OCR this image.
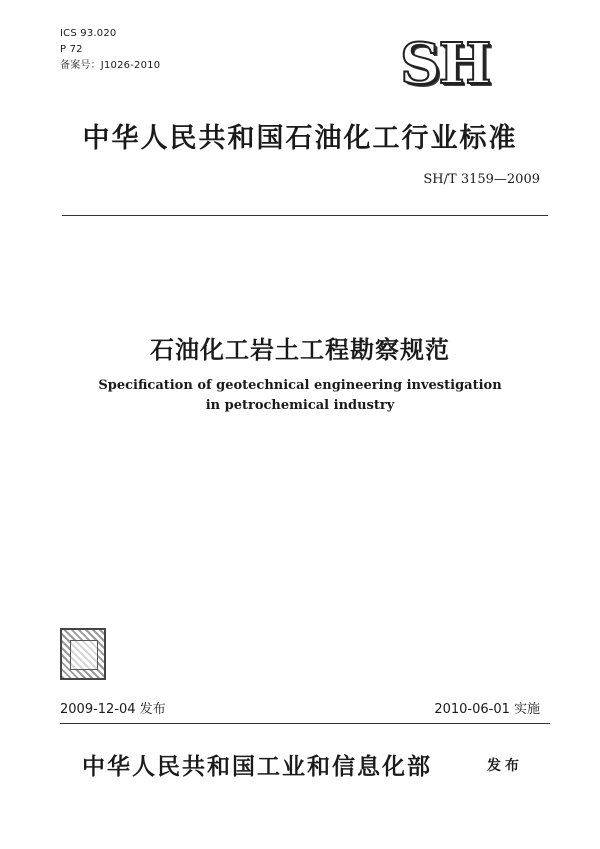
ICS 93.020
P 72
备案号：J1026-2010	SH
中华人民共和国石油化工行业标准
SH/T 3159—2009
石油化工岩土工程勘察规范
Specification of geotechnical engineering investigation
in petrochemical industry
2009-12-04 发布	2010-06-01 实施
中华人民共和国工业和信息化部	发布
